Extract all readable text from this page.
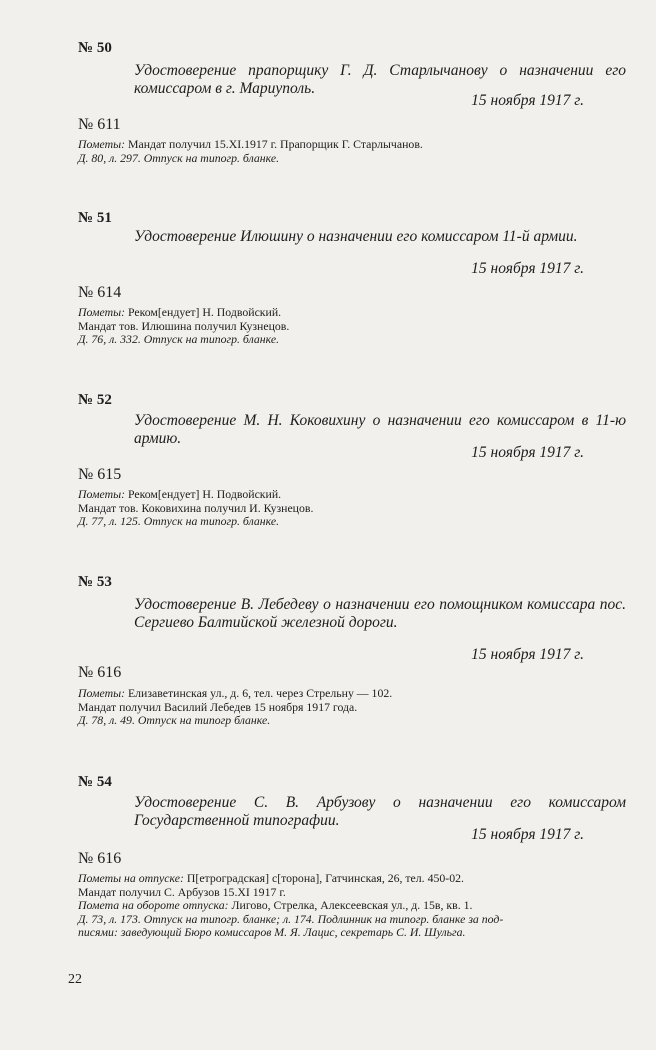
№ 50
Удостоверение прапорщику Г. Д. Старлычанову о назначении его комиссаром в г. Мариуполь.
15 ноября 1917 г.
№ 611
Пометы: Мандат получил 15.XI.1917 г. Прапорщик Г. Старлычанов.
Д. 80, л. 297. Отпуск на типогр. бланке.
№ 51
Удостоверение Илюшину о назначении его комиссаром 11-й армии.
15 ноября 1917 г.
№ 614
Пометы: Реком[ендует] Н. Подвойский.
Мандат тов. Илюшина получил Кузнецов.
Д. 76, л. 332. Отпуск на типогр. бланке.
№ 52
Удостоверение М. Н. Коковихину о назначении его комиссаром в 11-ю армию.
15 ноября 1917 г.
№ 615
Пометы: Реком[ендует] Н. Подвойский.
Мандат тов. Коковихина получил И. Кузнецов.
Д. 77, л. 125. Отпуск на типогр. бланке.
№ 53
Удостоверение В. Лебедеву о назначении его помощником комиссара пос. Сергиево Балтийской железной дороги.
15 ноября 1917 г.
№ 616
Пометы: Елизаветинская ул., д. 6, тел. через Стрельну — 102.
Мандат получил Василий Лебедев 15 ноября 1917 года.
Д. 78, л. 49. Отпуск на типогр бланке.
№ 54
Удостоверение С. В. Арбузову о назначении его комиссаром Государственной типографии.
15 ноября 1917 г.
№ 616
Пометы на отпуске: П[етроградская] с[торона], Гатчинская, 26, тел. 450-02.
Мандат получил С. Арбузов 15.XI 1917 г.
Помета на обороте отпуска: Лигово, Стрелка, Алексеевская ул., д. 15в, кв. 1.
Д. 73, л. 173. Отпуск на типогр. бланке; л. 174. Подлинник на типогр. бланке за под-
писями: заведующий Бюро комиссаров М. Я. Лацис, секретарь С. И. Шульга.
22
